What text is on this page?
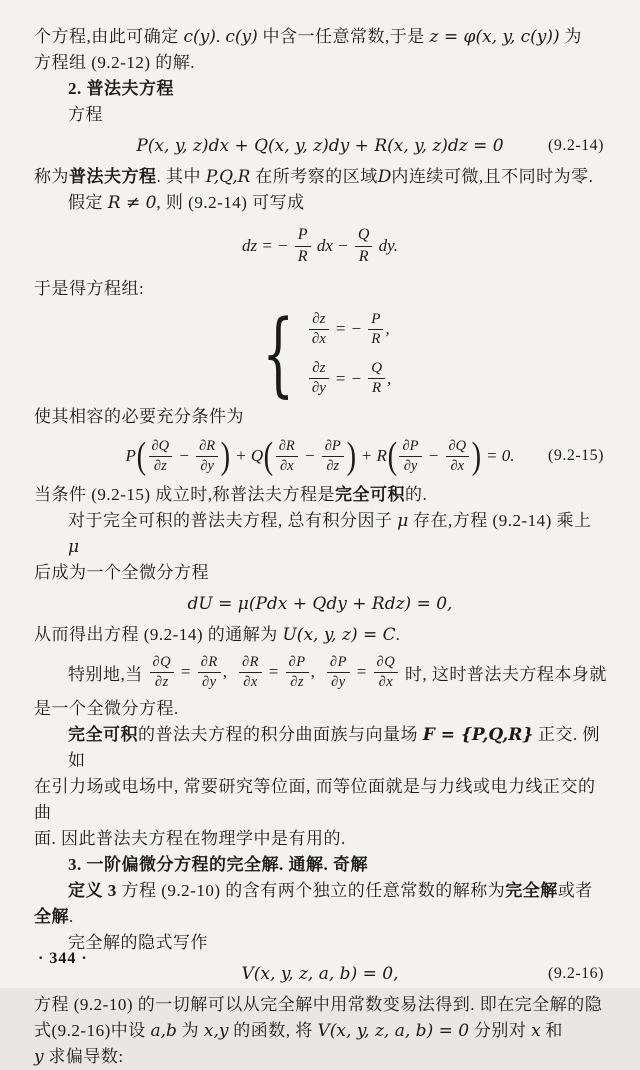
个方程,由此可确定 c(y). c(y) 中含一任意常数,于是 z = φ(x, y, c(y)) 为

方程组 (9.2-12) 的解.

2. 普法夫方程

方程

P(x, y, z)dx + Q(x, y, z)dy + R(x, y, z)dz = 0	(9.2-14)

称为普法夫方程. 其中 P,Q,R 在所考察的区域D内连续可微,且不同时为零.

假定 R ≠ 0, 则 (9.2-14) 可写成

dz = − $\frac{P}{R}$ dx − $\frac{Q}{R}$ dy.

于是得方程组:

{ $\frac{\partial z}{\partial x}$ = − $\frac{P}{R}$ ,
$\frac{\partial z}{\partial y}$ = − $\frac{Q}{R}$ ,

使其相容的必要充分条件为

P ( $\frac{\partial Q}{\partial z} - \frac{\partial R}{\partial y}$ ) + Q ( $\frac{\partial R}{\partial x} - \frac{\partial P}{\partial z}$ ) + R ( $\frac{\partial P}{\partial y} - \frac{\partial Q}{\partial x}$ ) = 0. (9.2-15)

当条件 (9.2-15) 成立时,称普法夫方程是完全可积的.

对于完全可积的普法夫方程, 总有积分因子 μ 存在,方程 (9.2-14) 乘上 μ

后成为一个全微分方程

dU = μ(Pdx + Qdy + Rdz) = 0,

从而得出方程 (9.2-14) 的通解为 U(x, y, z) = C.

特别地,当 $\frac{\partial Q}{\partial z} = \frac{\partial R}{\partial y}$ , $\frac{\partial R}{\partial x} = \frac{\partial P}{\partial z}$ , $\frac{\partial P}{\partial y} = \frac{\partial Q}{\partial x}$ 时, 这时普法夫方程本身就

是一个全微分方程.

完全可积的普法夫方程的积分曲面族与向量场 F = {P,Q,R} 正交. 例如

在引力场或电场中, 常要研究等位面, 而等位面就是与力线或电力线正交的曲

面. 因此普法夫方程在物理学中是有用的.

3. 一阶偏微分方程的完全解. 通解. 奇解

定义 3 方程 (9.2-10) 的含有两个独立的任意常数的解称为完全解或者

全解.

完全解的隐式写作

V(x, y, z, a, b) = 0,	(9.2-16)

方程 (9.2-10) 的一切解可以从完全解中用常数变易法得到. 即在完全解的隐

式(9.2-16)中设 a,b 为 x,y 的函数, 将 V(x, y, z, a, b) = 0 分别对 x 和

y 求偏导数:

· 344 ·
